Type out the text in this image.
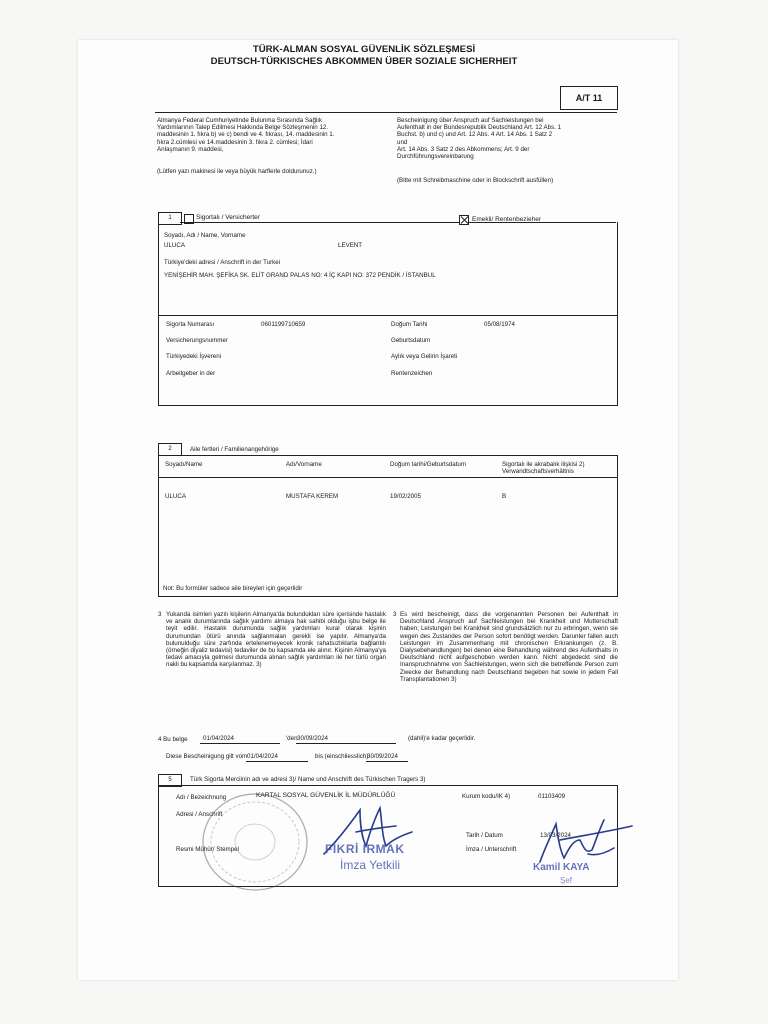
TÜRK-ALMAN SOSYAL GÜVENLİK SÖZLEŞMESİ
DEUTSCH-TÜRKISCHES ABKOMMEN ÜBER SOZIALE SICHERHEIT
A/T 11
Almanya Federal Cumhuriyetinde Bulunma Sırasında Sağlık
Yardımlarının Talep Edilmesi Hakkında Belge Sözleşmenin 12.
maddesinin 1. fıkra b) ve c) bendi ve 4. fıkrası, 14. maddesinin 1.
fıkra 2.cümlesi ve 14.maddesinin 3. fıkra 2. cümlesi; İdari
Anlaşmanın 9. maddesi,
(Lütfen yazı makinesi ile veya büyük harflerle doldurunuz.)
Bescheinigung über Anspruch auf Sachleistungen bei
Aufenthalt in der Bundesrepublik Deutschland Art. 12 Abs. 1
Buchst. b) und c) und Art. 12 Abs. 4 Art. 14 Abs. 1 Satz 2
und
Art. 14 Abs. 3 Satz 2 des Abkommens; Art. 9 der
Durchführungsvereinbarung
(Bitte mit Schreibmaschine oder in Blockschrift ausfüllen)
1	Sigortalı / Versicherter	Emekli/ Rentenbezieher
Soyadı, Adı / Name, Vorname
ULUCA	LEVENT
Türkiye'deki adresi / Anschrift in der Turkei
YENİŞEHİR MAH. ŞEFİKA SK. ELİT GRAND PALAS NO: 4 İÇ KAPI NO: 372 PENDİK / İSTANBUL
Sigorta Numarası	0601199710659
Versicherungsnummer
Türkiyedeki İşvereni
Arbeitgeber in der
Doğum Tarihi	05/08/1974
Geburtsdatum
Aylık veya Gelirin İşareti
Rentenzeichen
2	Aile fertleri / Familienangehörige
Soyadı/Name	Adı/Vorname	Doğum tarihi/Geburtsdatum	Sigortalı ile akrabalık ilişkisi 2)
Verwandtschaftsverhältnis
ULUCA	MUSTAFA KEREM	19/02/2005	B
Not: Bu formüler sadece aile bireyleri için geçerlidir
3 Yukarıda isimleri yazılı kişilerin Almanya'da bulundukları süre içerisinde hastalık ve analık durumlarında sağlık yardımı almaya hak sahibi olduğu işbu belge ile teyit edilir. Hastalık durumunda sağlık yardımları kural olarak kişinin durumundan ötürü anında sağlanmaları gerekli ise yapılır. Almanya'da bulunulduğu süre zarfında ertelenemeyecek kronik rahatsızlıklarla bağlantılı (örneğin diyaliz tedavisi) tedaviler de bu kapsamda ele alınır. Kişinin Almanya'ya tedavi amacıyla gelmesi durumunda alınan sağlık yardımları ile her türlü organ nakli bu kapsamda karşılanmaz. 3)
3 Es wird bescheinigt, dass die vorgenannten Personen bei Aufenthalt in Deutschland Anspruch auf Sachleistungen bei Krankheit und Mutterschaft haben; Leistungen bei Krankheit sind grundsätzlich nur zu erbringen, wenn sie wegen des Zustandes der Person sofort benötigt werden. Darunter fallen auch Leistungen im Zusammenhang mit chronischen Erkrankungen (z. B. Dialysebehandlungen) bei denen eine Behandlung während des Aufenthalts in Deutschland nicht aufgeschoben werden kann. Nicht abgedeckt sind die Inanspruchnahme von Sachleistungen, wenn sich die betreffende Person zum Zwecke der Behandlung nach Deutschland begeben hat sowie in jedem Fall Transplantationen 3)
4 Bu belge 01/04/2024	'den 30/09/2024	(dahil)'e kadar geçerlidir.
Diese Bescheinigung gilt vom 01/04/2024	bis (einschliesslich)
30/09/2024
5	Türk Sigorta Merciinin adı ve adresi 3)/ Name und Anschrift des Türkischen Tragers 3)
Adı / Bezeichnung	KARTAL SOSYAL GÜVENLİK İL MÜDÜRLÜĞÜ	Kurum kodu/IK 4)	01103409
Adresi / Anschrift
Tarih / Datum	13/03/2024
İmza / Unterschrift
Resmi Mühür/ Stempel	FİKRİ IRMAK
İmza Yetkili	Kamil KAYA
Şef
